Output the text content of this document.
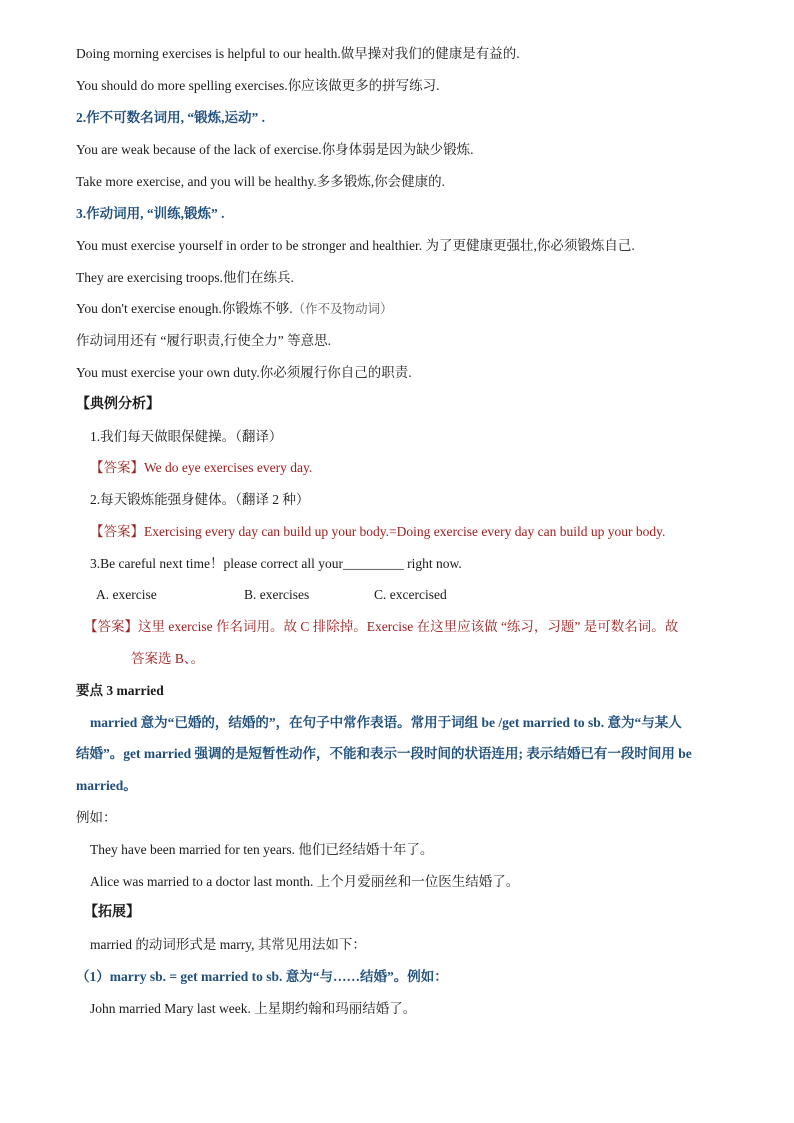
Doing morning exercises is helpful to our health.做早操对我们的健康是有益的.
You should do more spelling exercises.你应该做更多的拼写练习.
2.作不可数名词用, “锻炼,运动” .
You are weak because of the lack of exercise.你身体弱是因为缺少锻炼.
Take more exercise, and you will be healthy.多多锻炼,你会健康的.
3.作动词用, “训练,锻炼” .
You must exercise yourself in order to be stronger and healthier. 为了更健康更强壮,你必须锻炼自己.
They are exercising troops.他们在练兵.
You don't exercise enough.你锻炼不够.（作不及物动词）
作动词用还有 “履行职责,行使全力” 等意思.
You must exercise your own duty.你必须履行你自己的职责.
【典例分析】
1.我们每天做眼保健操。（翻译）
【答案】We do eye exercises every day.
2.每天锻炼能强身健体。（翻译 2 种）
【答案】Exercising every day can build up your body.=Doing exercise every day can build up your body.
3.Be careful next time！please correct all your_________ right now.
A. exercise	B. exercises	C. excercised
【答案】这里 exercise 作名词用。故 C 排除掉。Exercise 在这里应该做 “练习，习题” 是可数名词。故
答案选 B、。
要点 3 married
married 意为“已婚的，结婚的”，在句子中常作表语。常用于词组 be /get married to sb. 意为“与某人
结婚”。get married 强调的是短暂性动作，不能和表示一段时间的状语连用; 表示结婚已有一段时间用 be
married。
例如：
They have been married for ten years. 他们已经结婚十年了。
Alice was married to a doctor last month. 上个月爱丽丝和一位医生结婚了。
【拓展】
married 的动词形式是 marry, 其常见用法如下：
（1）marry sb. = get married to sb. 意为“与……结婚”。例如：
John married Mary last week. 上星期约翰和玛丽结婚了。
